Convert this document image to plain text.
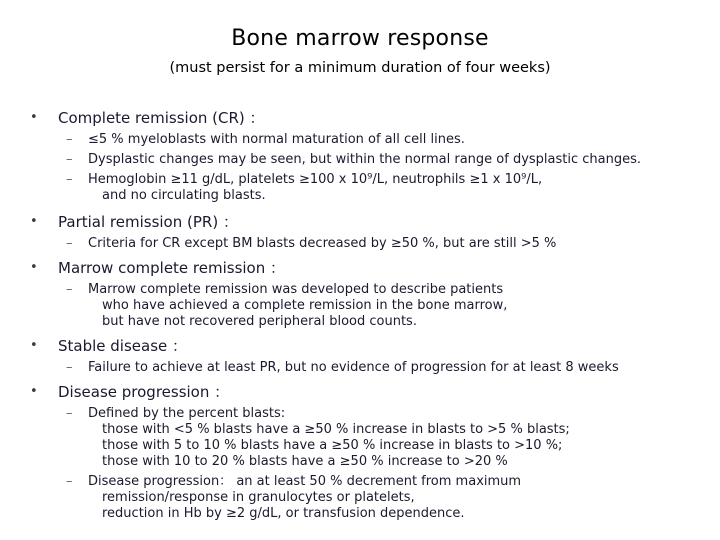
Bone marrow response
(must persist for a minimum duration of four weeks)
• Complete remission (CR) ：
– ≤5 % myeloblasts with normal maturation of all cell lines.
– Dysplastic changes may be seen, but within the normal range of dysplastic changes.
– Hemoglobin ≥11 g/dL, platelets ≥100 x 10⁹/L, neutrophils ≥1 x 10⁹/L,
and no circulating blasts.
• Partial remission (PR) ：
– Criteria for CR except BM blasts decreased by ≥50 %, but are still >5 %
• Marrow complete remission ：
– Marrow complete remission was developed to describe patients
who have achieved a complete remission in the bone marrow,
but have not recovered peripheral blood counts.
• Stable disease ：
– Failure to achieve at least PR, but no evidence of progression for at least 8 weeks
• Disease progression ：
– Defined by the percent blasts:
those with <5 % blasts have a ≥50 % increase in blasts to >5 % blasts;
those with 5 to 10 % blasts have a ≥50 % increase in blasts to >10 %;
those with 10 to 20 % blasts have a ≥50 % increase to >20 %
– Disease progression： an at least 50 % decrement from maximum
remission/response in granulocytes or platelets,
reduction in Hb by ≥2 g/dL, or transfusion dependence.
